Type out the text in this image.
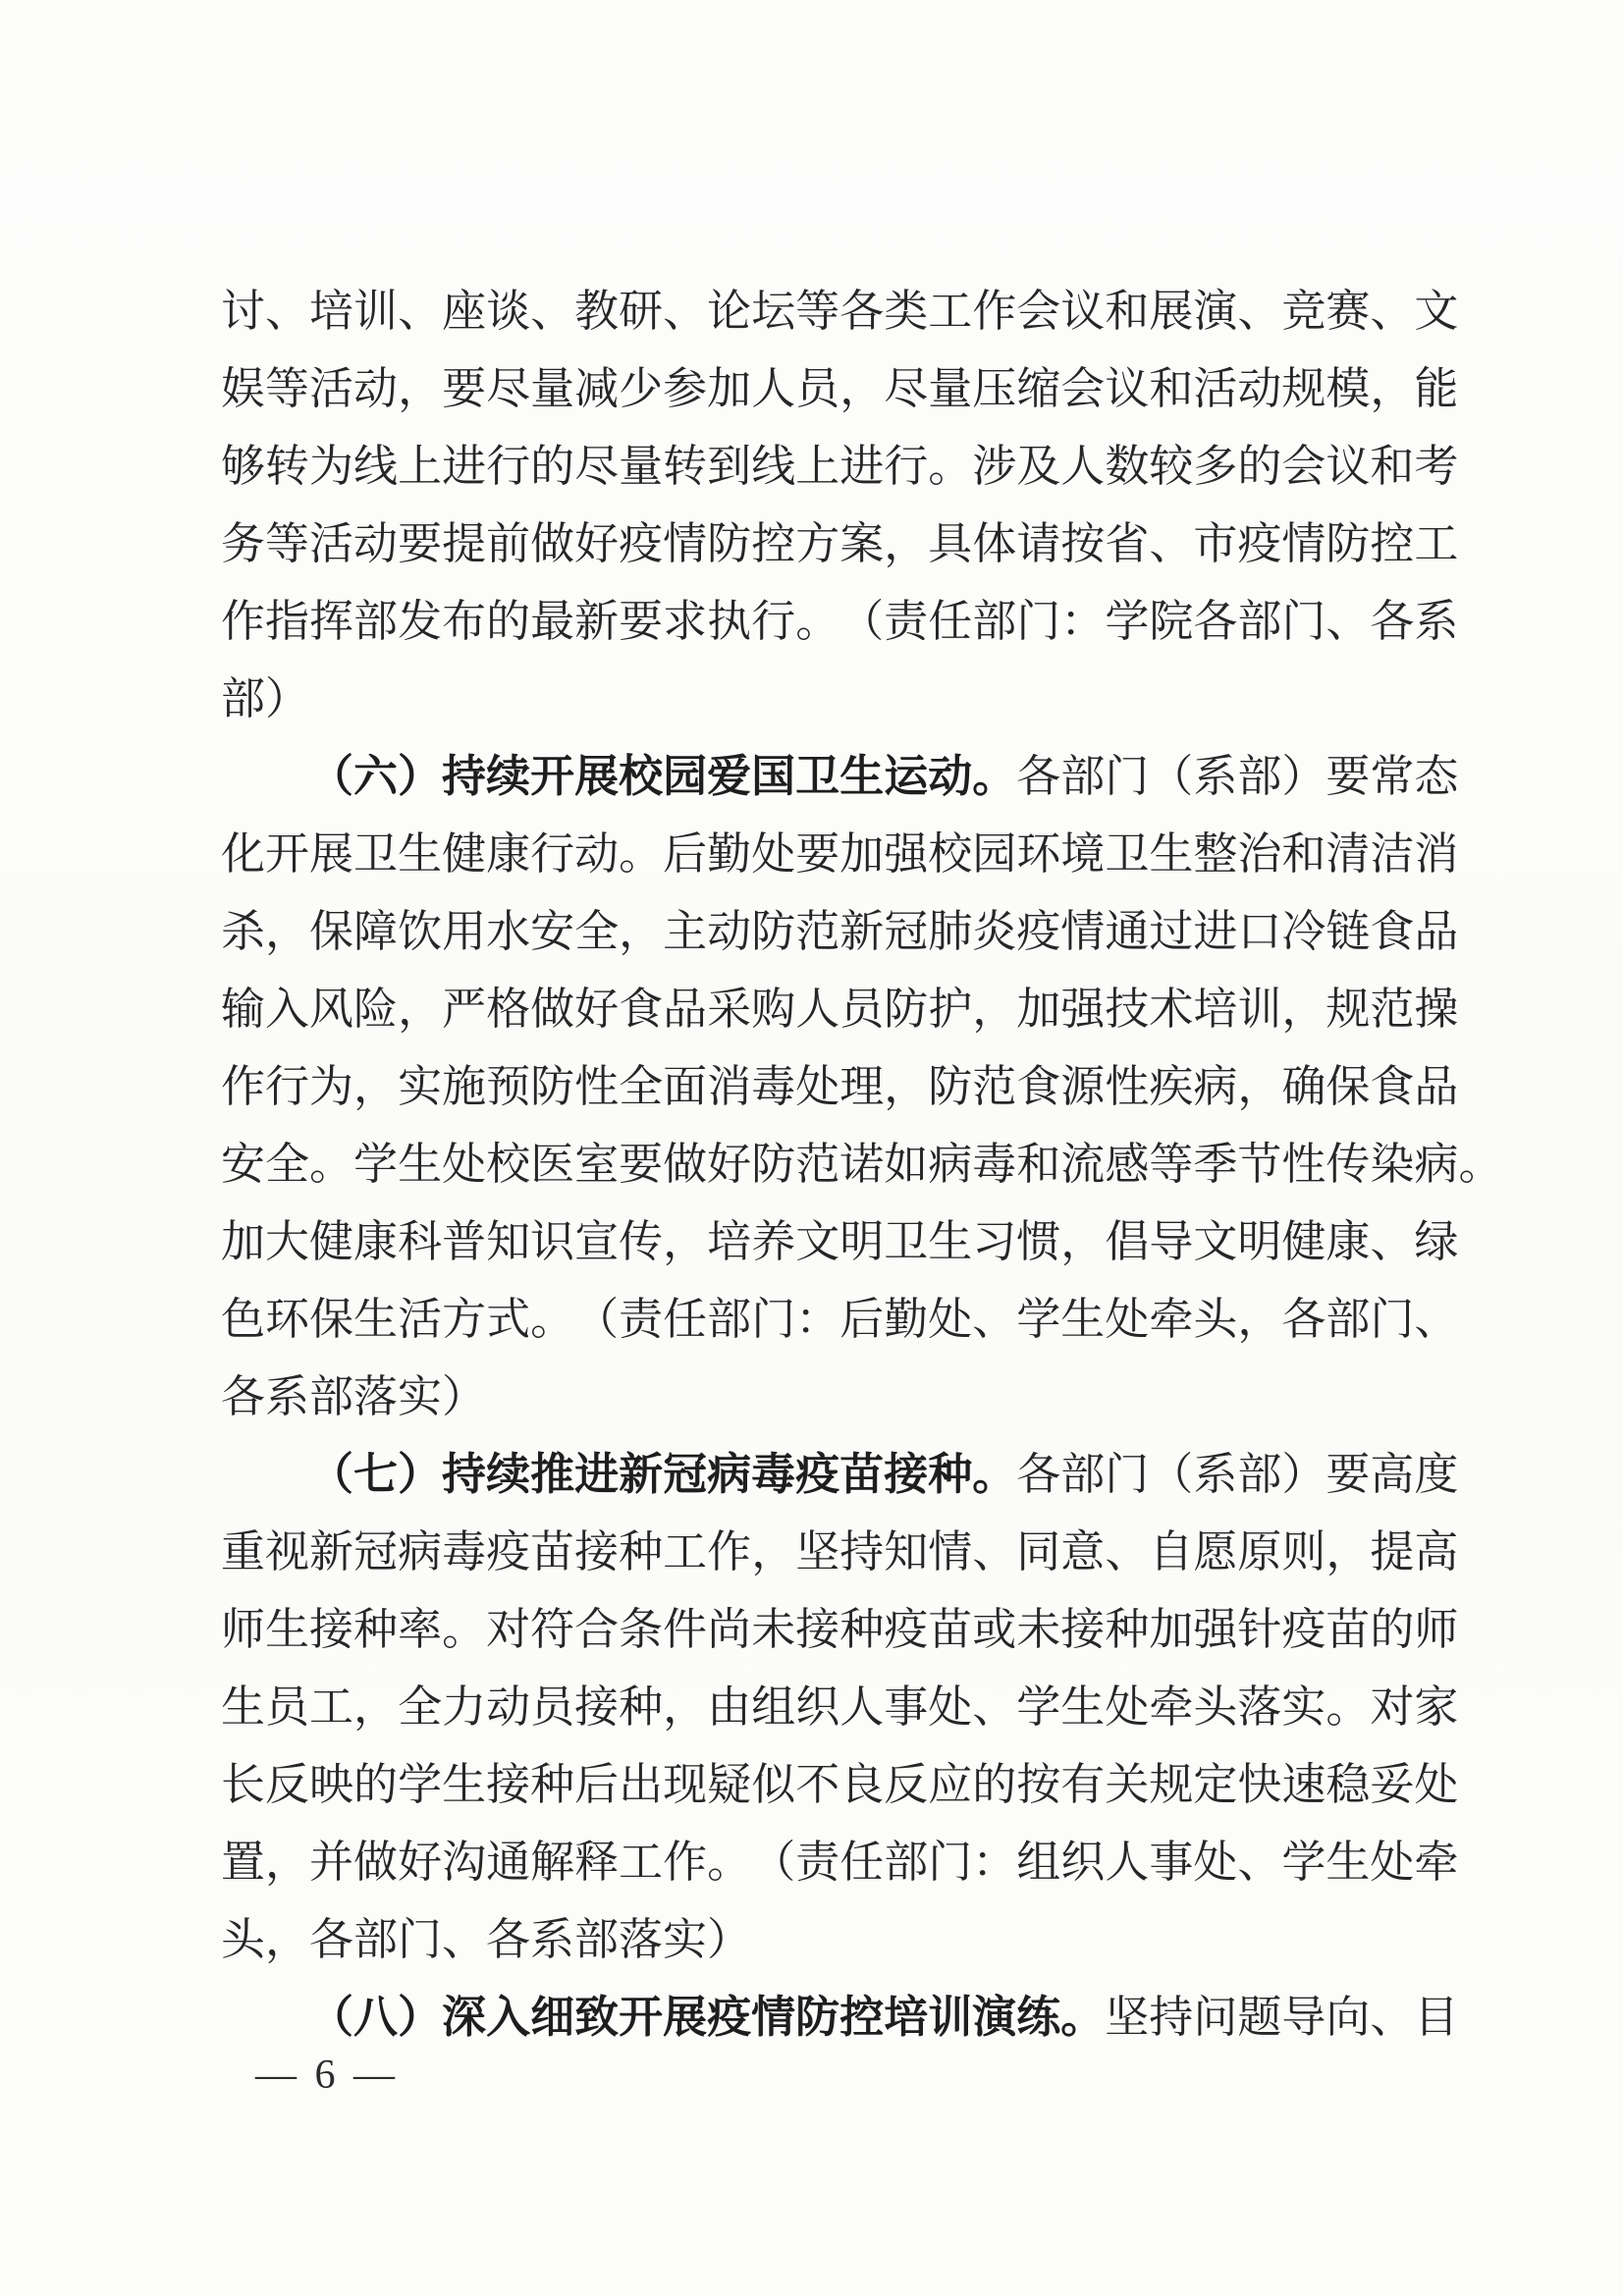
讨 、 培 训 、 座 谈 、 教 研 、 论 坛 等 各 类 工 作 会 议 和 展 演 、 竞 赛 、 文
娱 等 活 动 ， 要 尽 量 减 少 参 加 人 员 ， 尽 量 压 缩 会 议 和 活 动 规 模 ， 能
够 转 为 线 上 进 行 的 尽 量 转 到 线 上 进 行 。 涉 及 人 数 较 多 的 会 议 和 考
务 等 活 动 要 提 前 做 好 疫 情 防 控 方 案 ， 具 体 请 按 省 、 市 疫 情 防 控 工
作 指 挥 部 发 布 的 最 新 要 求 执 行 。 （ 责 任 部 门 ： 学 院 各 部 门 、 各 系
部 ）
（ 六 ） 持 续 开 展 校 园 爱 国 卫 生 运 动 。 各 部 门 （ 系 部 ） 要 常 态
化 开 展 卫 生 健 康 行 动 。 后 勤 处 要 加 强 校 园 环 境 卫 生 整 治 和 清 洁 消
杀 ， 保 障 饮 用 水 安 全 ， 主 动 防 范 新 冠 肺 炎 疫 情 通 过 进 口 冷 链 食 品
输 入 风 险 ， 严 格 做 好 食 品 采 购 人 员 防 护 ， 加 强 技 术 培 训 ， 规 范 操
作 行 为 ， 实 施 预 防 性 全 面 消 毒 处 理 ， 防 范 食 源 性 疾 病 ， 确 保 食 品
安 全 。 学 生 处 校 医 室 要 做 好 防 范 诺 如 病 毒 和 流 感 等 季 节 性 传 染 病 。
加 大 健 康 科 普 知 识 宣 传 ， 培 养 文 明 卫 生 习 惯 ， 倡 导 文 明 健 康 、 绿
色 环 保 生 活 方 式 。 （ 责 任 部 门 ： 后 勤 处 、 学 生 处 牵 头 ， 各 部 门 、
各 系 部 落 实 ）
（ 七 ） 持 续 推 进 新 冠 病 毒 疫 苗 接 种 。 各 部 门 （ 系 部 ） 要 高 度
重 视 新 冠 病 毒 疫 苗 接 种 工 作 ， 坚 持 知 情 、 同 意 、 自 愿 原 则 ， 提 高
师 生 接 种 率 。 对 符 合 条 件 尚 未 接 种 疫 苗 或 未 接 种 加 强 针 疫 苗 的 师
生 员 工 ， 全 力 动 员 接 种 ， 由 组 织 人 事 处 、 学 生 处 牵 头 落 实 。 对 家
长 反 映 的 学 生 接 种 后 出 现 疑 似 不 良 反 应 的 按 有 关 规 定 快 速 稳 妥 处
置 ， 并 做 好 沟 通 解 释 工 作 。 （ 责 任 部 门 ： 组 织 人 事 处 、 学 生 处 牵
头 ， 各 部 门 、 各 系 部 落 实 ）
（ 八 ） 深 入 细 致 开 展 疫 情 防 控 培 训 演 练 。 坚 持 问 题 导 向 、 目
— 6 —
